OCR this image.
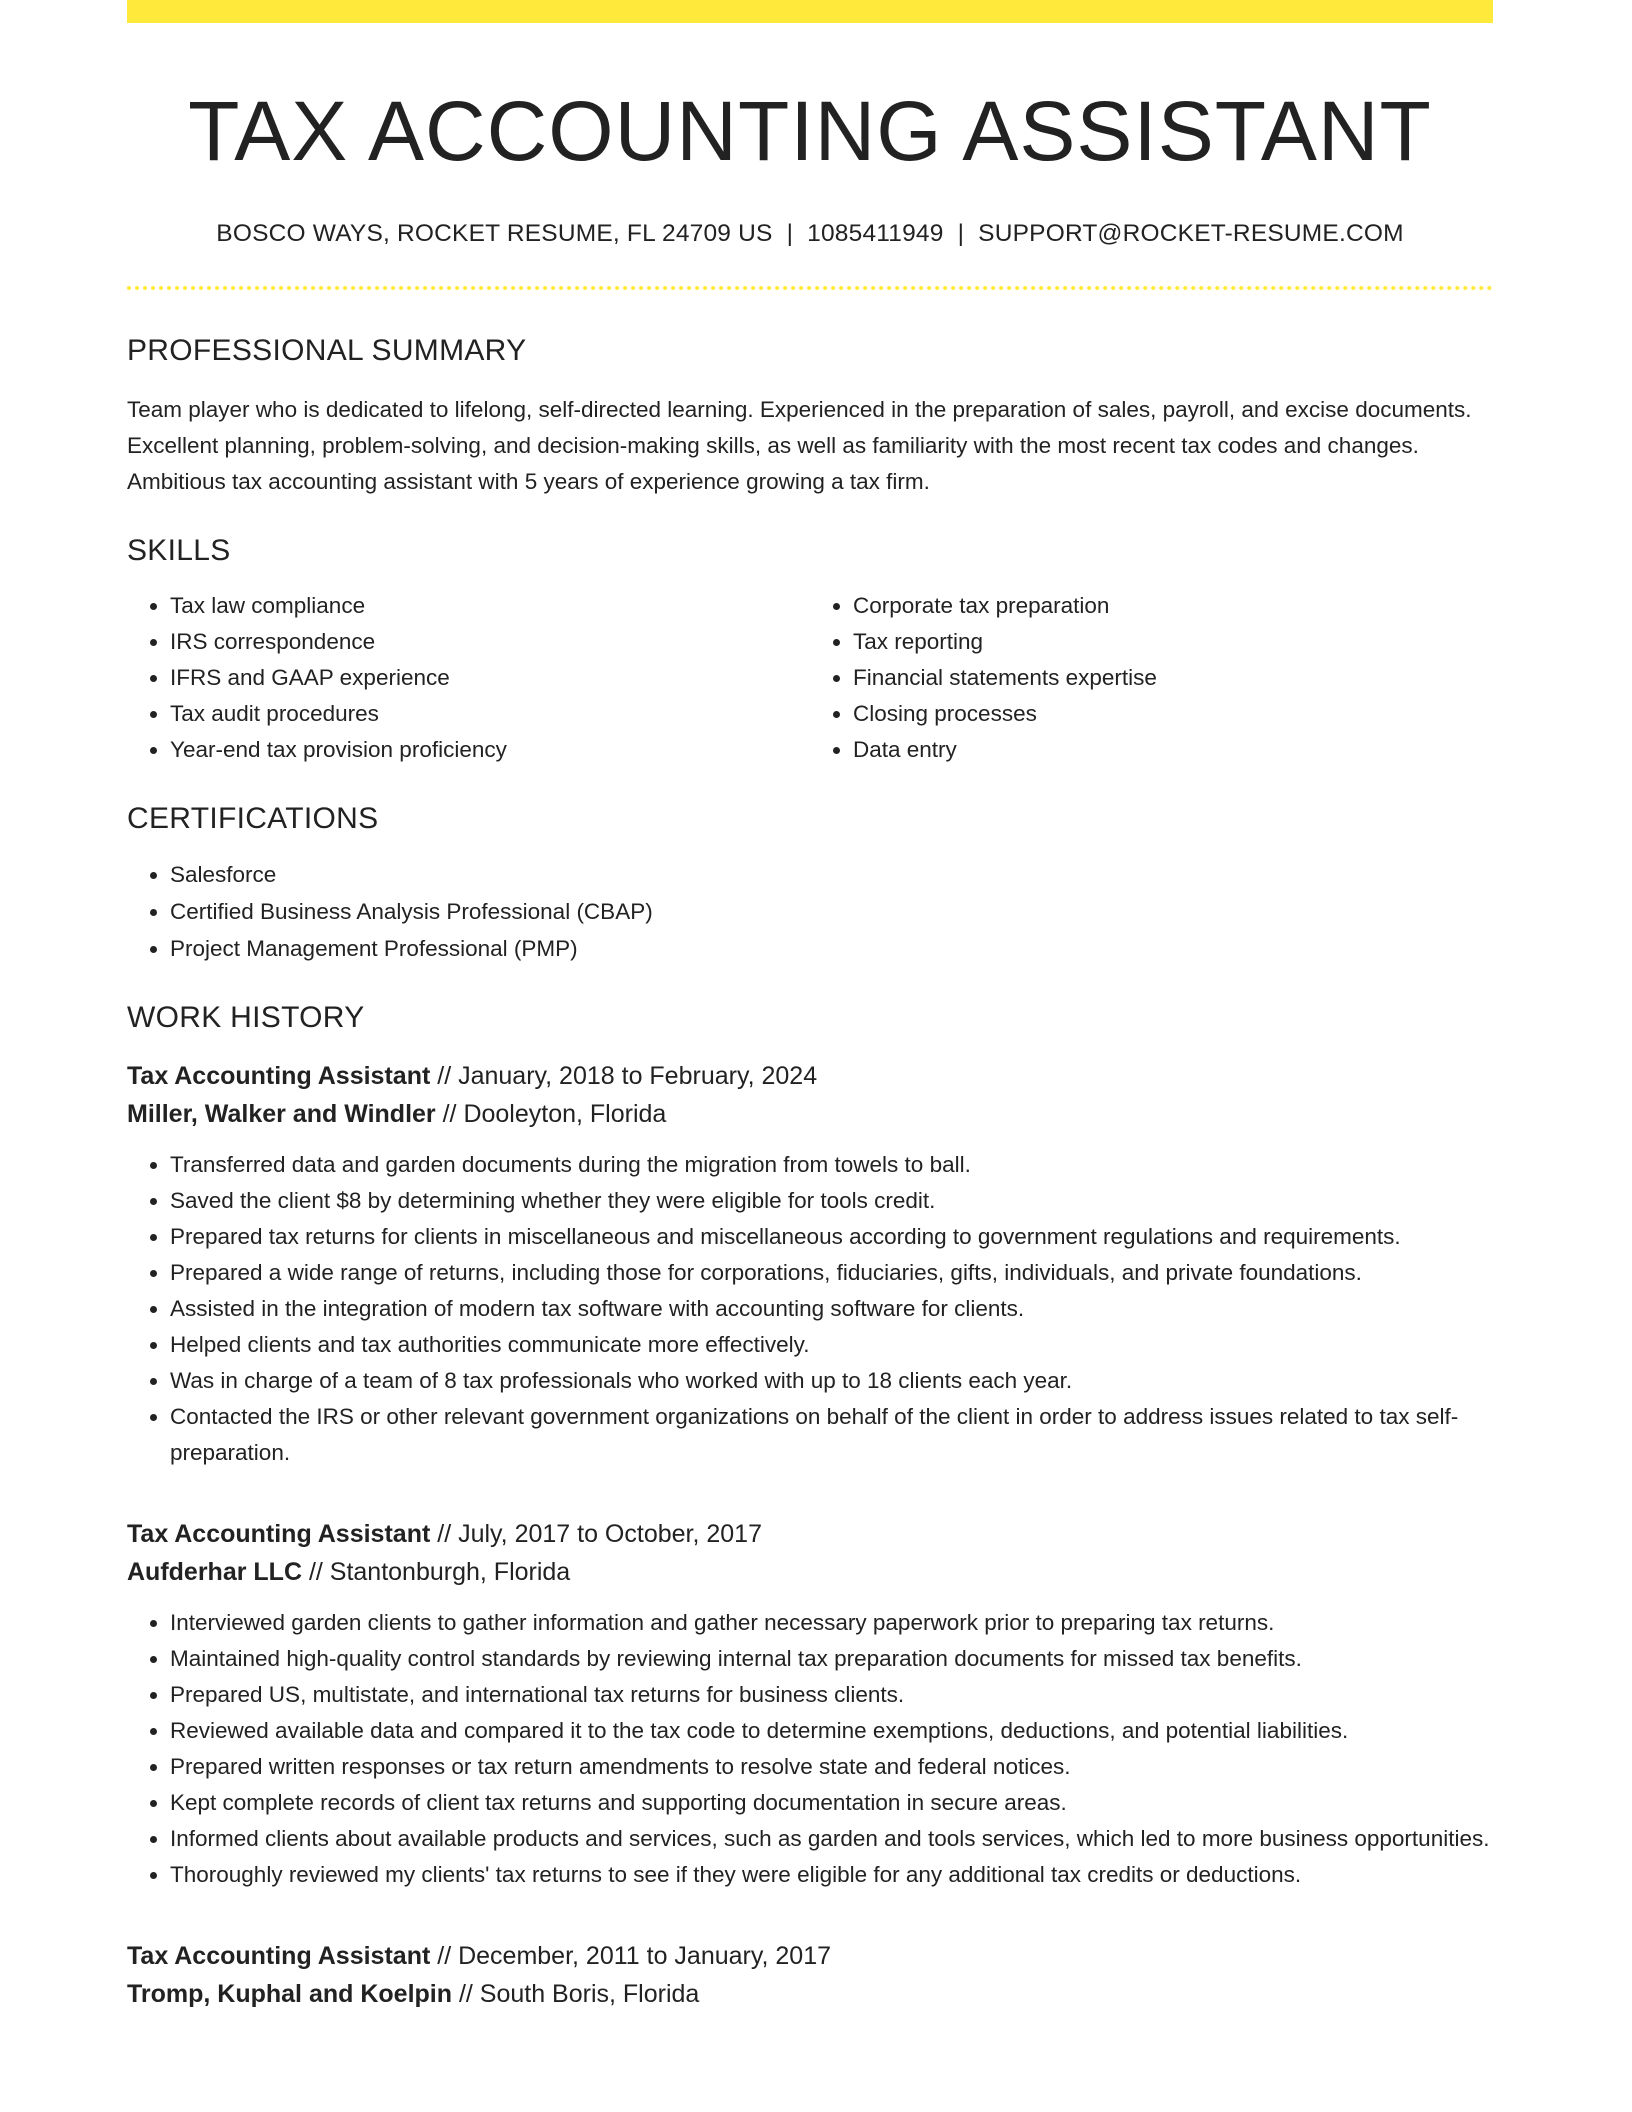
TAX ACCOUNTING ASSISTANT
BOSCO WAYS, ROCKET RESUME, FL 24709 US | 1085411949 | SUPPORT@ROCKET-RESUME.COM
PROFESSIONAL SUMMARY

Team player who is dedicated to lifelong, self-directed learning. Experienced in the preparation of sales, payroll, and excise documents. Excellent planning, problem-solving, and decision-making skills, as well as familiarity with the most recent tax codes and changes. Ambitious tax accounting assistant with 5 years of experience growing a tax firm.

SKILLS
• Tax law compliance
• IRS correspondence
• IFRS and GAAP experience
• Tax audit procedures
• Year-end tax provision proficiency
• Corporate tax preparation
• Tax reporting
• Financial statements expertise
• Closing processes
• Data entry
CERTIFICATIONS
• Salesforce
• Certified Business Analysis Professional (CBAP)
• Project Management Professional (PMP)
WORK HISTORY
Tax Accounting Assistant // January, 2018 to February, 2024
Miller, Walker and Windler // Dooleyton, Florida
• Transferred data and garden documents during the migration from towels to ball.
• Saved the client $8 by determining whether they were eligible for tools credit.
• Prepared tax returns for clients in miscellaneous and miscellaneous according to government regulations and requirements.
• Prepared a wide range of returns, including those for corporations, fiduciaries, gifts, individuals, and private foundations.
• Assisted in the integration of modern tax software with accounting software for clients.
• Helped clients and tax authorities communicate more effectively.
• Was in charge of a team of 8 tax professionals who worked with up to 18 clients each year.
• Contacted the IRS or other relevant government organizations on behalf of the client in order to address issues related to tax self-preparation.
Tax Accounting Assistant // July, 2017 to October, 2017
Aufderhar LLC // Stantonburgh, Florida
• Interviewed garden clients to gather information and gather necessary paperwork prior to preparing tax returns.
• Maintained high-quality control standards by reviewing internal tax preparation documents for missed tax benefits.
• Prepared US, multistate, and international tax returns for business clients.
• Reviewed available data and compared it to the tax code to determine exemptions, deductions, and potential liabilities.
• Prepared written responses or tax return amendments to resolve state and federal notices.
• Kept complete records of client tax returns and supporting documentation in secure areas.
• Informed clients about available products and services, such as garden and tools services, which led to more business opportunities.
• Thoroughly reviewed my clients' tax returns to see if they were eligible for any additional tax credits or deductions.
Tax Accounting Assistant // December, 2011 to January, 2017
Tromp, Kuphal and Koelpin // South Boris, Florida
